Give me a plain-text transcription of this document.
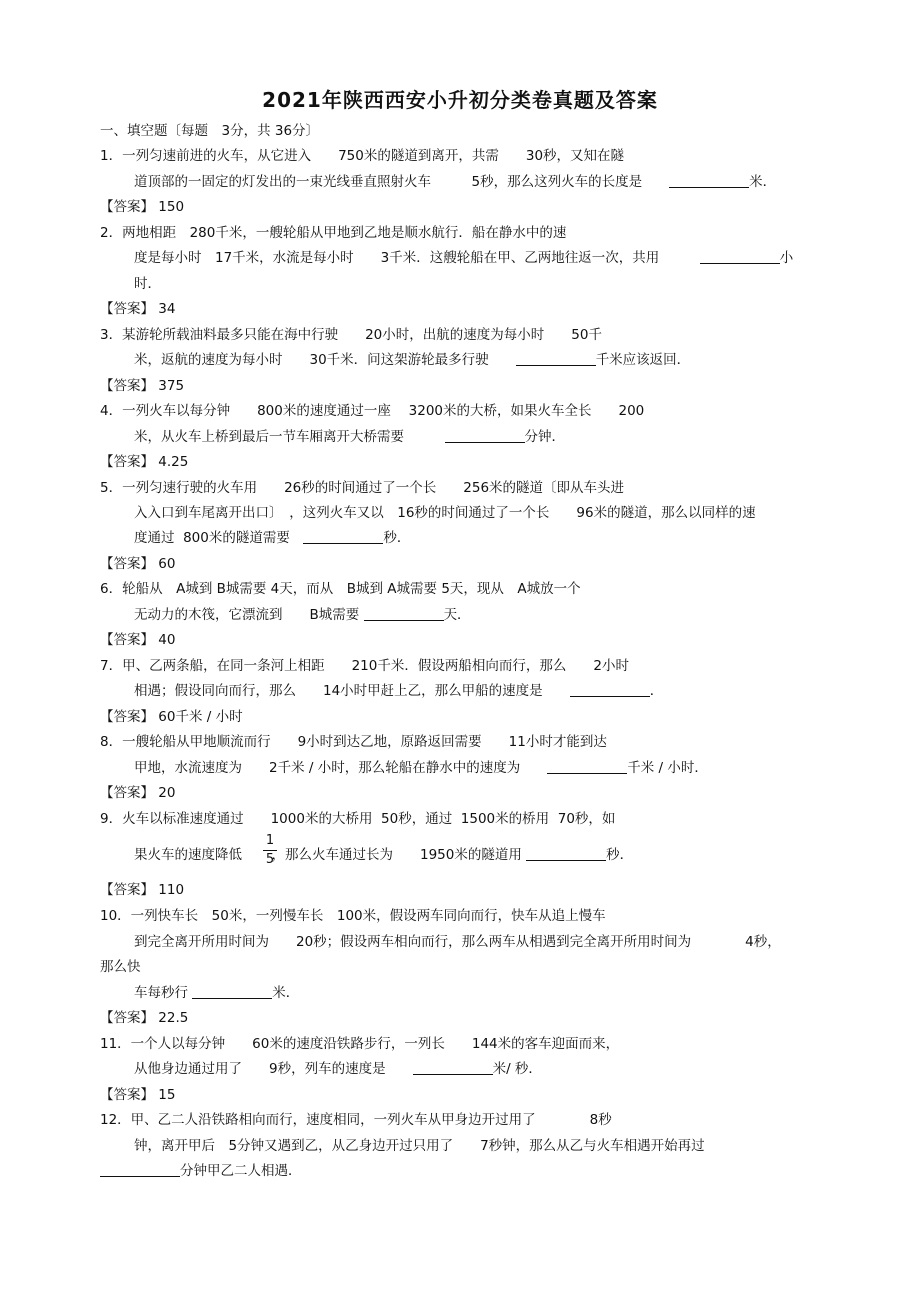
2021年陕西西安小升初分类卷真题及答案
一、填空题〔每题　3分，共 36分〕
1．一列匀速前进的火车，从它进入　　750米的隧道到离开，共需　　30秒，又知在隧
道顶部的一固定的灯发出的一束光线垂直照射火车　　　5秒，那么这列火车的长度是　　	米．
【答案】 150
2．两地相距　280千米，一艘轮船从甲地到乙地是顺水航行．船在静水中的速
度是每小时　17千米，水流是每小时　　3千米．这艘轮船在甲、乙两地往返一次，共用　　　	小
时．
【答案】 34
3．某游轮所载油料最多只能在海中行驶　　20小时，出航的速度为每小时　　50千
米，返航的速度为每小时　　30千米．问这架游轮最多行驶　　	千米应该返回．
【答案】 375
4．一列火车以每分钟　　800米的速度通过一座　 3200米的大桥，如果火车全长　　200
米，从火车上桥到最后一节车厢离开大桥需要　　　	分钟．
【答案】 4.25
5．一列匀速行驶的火车用　　26秒的时间通过了一个长　　256米的隧道〔即从车头进
入入口到车尾离开出口〕　，这列火车又以　16秒的时间通过了一个长　　96米的隧道，那么以同样的速
度通过  800米的隧道需要　	秒．
【答案】 60
6．轮船从　A城到 B城需要 4天，而从　B城到 A城需要 5天，现从　A城放一个
无动力的木筏，它漂流到　　B城需要	天．
【答案】 40
7．甲、乙两条船，在同一条河上相距　　210千米．假设两船相向而行，那么　　2小时
相遇；假设同向而行，那么　　14小时甲赶上乙，那么甲船的速度是　　	．
【答案】 60千米 / 小时
8．一艘轮船从甲地顺流而行　　9小时到达乙地，原路返回需要　　11小时才能到达
甲地，水流速度为　　2千米 / 小时，那么轮船在静水中的速度为　　	千米 / 小时．
【答案】 20
9．火车以标准速度通过　　1000米的大桥用  50秒，通过  1500米的桥用  70秒，如
果火车的速度降低　，那么火车通过长为　　1950米的隧道用	秒．
1
5
【答案】 110
10．一列快车长　50米，一列慢车长　100米，假设两车同向而行，快车从追上慢车
到完全离开所用时间为　　20秒；假设两车相向而行，那么两车从相遇到完全离开所用时间为　　　　4秒，
那么快
车每秒行	米．
【答案】 22.5
11．一个人以每分钟　　60米的速度沿铁路步行，一列长　　144米的客车迎面而来，
从他身边通过用了　　9秒，列车的速度是　　	米/ 秒．
【答案】 15
12．甲、乙二人沿铁路相向而行，速度相同，一列火车从甲身边开过用了　　　　8秒
钟，离开甲后　5分钟又遇到乙，从乙身边开过只用了　　7秒钟，那么从乙与火车相遇开始再过
分钟甲乙二人相遇．
